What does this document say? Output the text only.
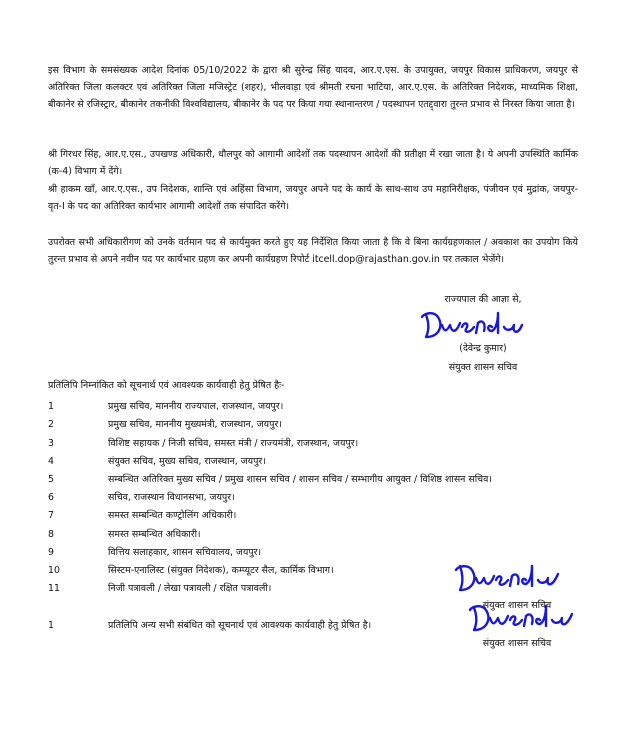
इस विभाग के समसंख्यक आदेश दिनांक 05/10/2022 के द्वारा श्री सुरेन्द्र सिंह यादव, आर.ए.एस. के उपायुक्त, जयपुर विकास प्राधिकरण, जयपुर से अतिरिक्त जिला कलक्टर एवं अतिरिक्त जिला मजिस्ट्रेट (शहर), भीलवाड़ा एवं श्रीमती रचना भाटिया, आर.ए.एस. के अतिरिक्त निदेशक, माध्यमिक शिक्षा, बीकानेर से रजिस्ट्रार, बीकानेर तकनीकी विश्वविद्यालय, बीकानेर के पद पर किया गया स्थानान्तरण / पदस्थापन एतद्द्वारा तुरन्त प्रभाव से निरस्त किया जाता है।

श्री गिरधर सिंह, आर.ए.एस., उपखण्ड अधिकारी, धौलपुर को आगामी आदेशों तक पदस्थापन आदेशों की प्रतीक्षा में रखा जाता है। ये अपनी उपस्थिति कार्मिक (क-4) विभाग में देंगे।

श्री हाकम खाँ, आर.ए.एस., उप निदेशक, शान्ति एवं अहिंसा विभाग, जयपुर अपने पद के कार्य के साथ-साथ उप महानिरीक्षक, पंजीयन एवं मुद्रांक, जयपुर-वृत-I के पद का अतिरिक्त कार्यभार आगामी आदेशों तक संपादित करेंगे।

उपरोक्त सभी अधिकारीगण को उनके वर्तमान पद से कार्यमुक्त करते हुए यह निर्देशित किया जाता है कि वे बिना कार्यग्रहणकाल / अवकाश का उपयोग किये तुरन्त प्रभाव से अपने नवीन पद पर कार्यभार ग्रहण कर अपनी कार्यग्रहण रिपोर्ट itcell.dop@rajasthan.gov.in पर तत्काल भेजेंगे।

राज्यपाल की आज्ञा से,

(देवेन्द्र कुमार)

संयुक्त शासन सचिव

प्रतिलिपि निम्नांकित को सूचनार्थ एवं आवश्यक कार्यवाही हेतु प्रेषित हैः-

1	प्रमुख सचिव, माननीय राज्यपाल, राजस्थान, जयपुर।
2	प्रमुख सचिव, माननीय मुख्यमंत्री, राजस्थान, जयपुर।
3	विशिष्ट सहायक / निजी सचिव, समस्त मंत्री / राज्यमंत्री, राजस्थान, जयपुर।
4	संयुक्त सचिव, मुख्य सचिव, राजस्थान, जयपुर।
5	सम्बन्धित अतिरिक्त मुख्य सचिव / प्रमुख शासन सचिव / शासन सचिव / सम्भागीय आयुक्त / विशिष्ठ शासन सचिव।
6	सचिव, राजस्थान विधानसभा, जयपुर।
7	समस्त सम्बन्धित कण्ट्रोलिंग अधिकारी।
8	समस्त सम्बन्धित अधिकारी।
9	वित्तिय सलाहकार, शासन सचिवालय, जयपुर।
10	सिस्टम-एनालिस्ट (संयुक्त निदेशक), कम्प्यूटर सैल, कार्मिक विभाग।
11	निजी पत्रावली / लेखा पत्रावली / रक्षित पत्रावली।

संयुक्त शासन सचिव

1	प्रतिलिपि अन्य सभी संबंधित को सूचनार्थ एवं आवश्यक कार्यवाही हेतु प्रेषित है।

संयुक्त शासन सचिव
